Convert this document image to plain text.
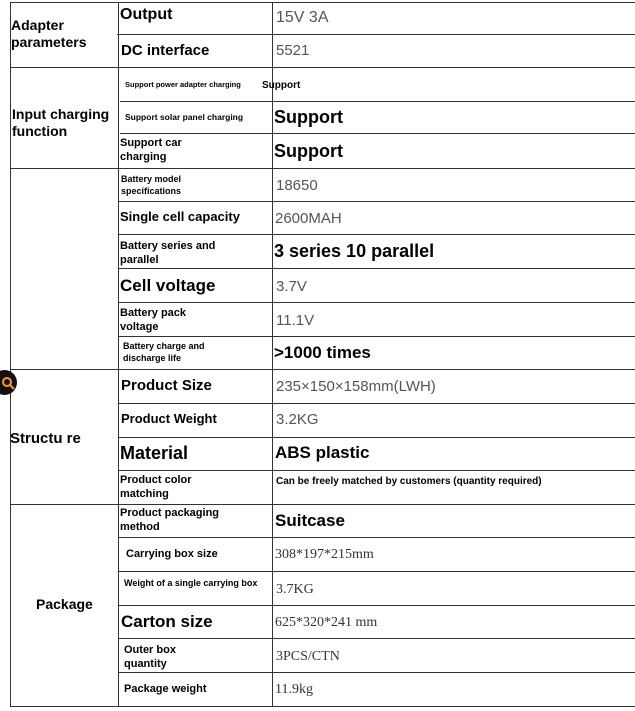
Adapter parameters
Input charging function
Structu re
Package
Output
DC interface
Support power adapter charging
Support solar panel charging
Support car charging
Battery model specifications
Single cell capacity
Battery series and parallel
Cell voltage
Battery pack voltage
Battery charge and discharge life
Product Size
Product Weight
Material
Product color matching
Product packaging method
Carrying box size
Weight of a single carrying box
Carton size
Outer box quantity
Package weight
15V 3A
5521
Support
Support
Support
18650
2600MAH
3 series 10 parallel
3.7V
11.1V
>1000 times
235×150×158mm(LWH)
3.2KG
ABS plastic
Can be freely matched by customers (quantity required)
Suitcase
308*197*215mm
3.7KG
625*320*241 mm
3PCS/CTN
11.9kg
